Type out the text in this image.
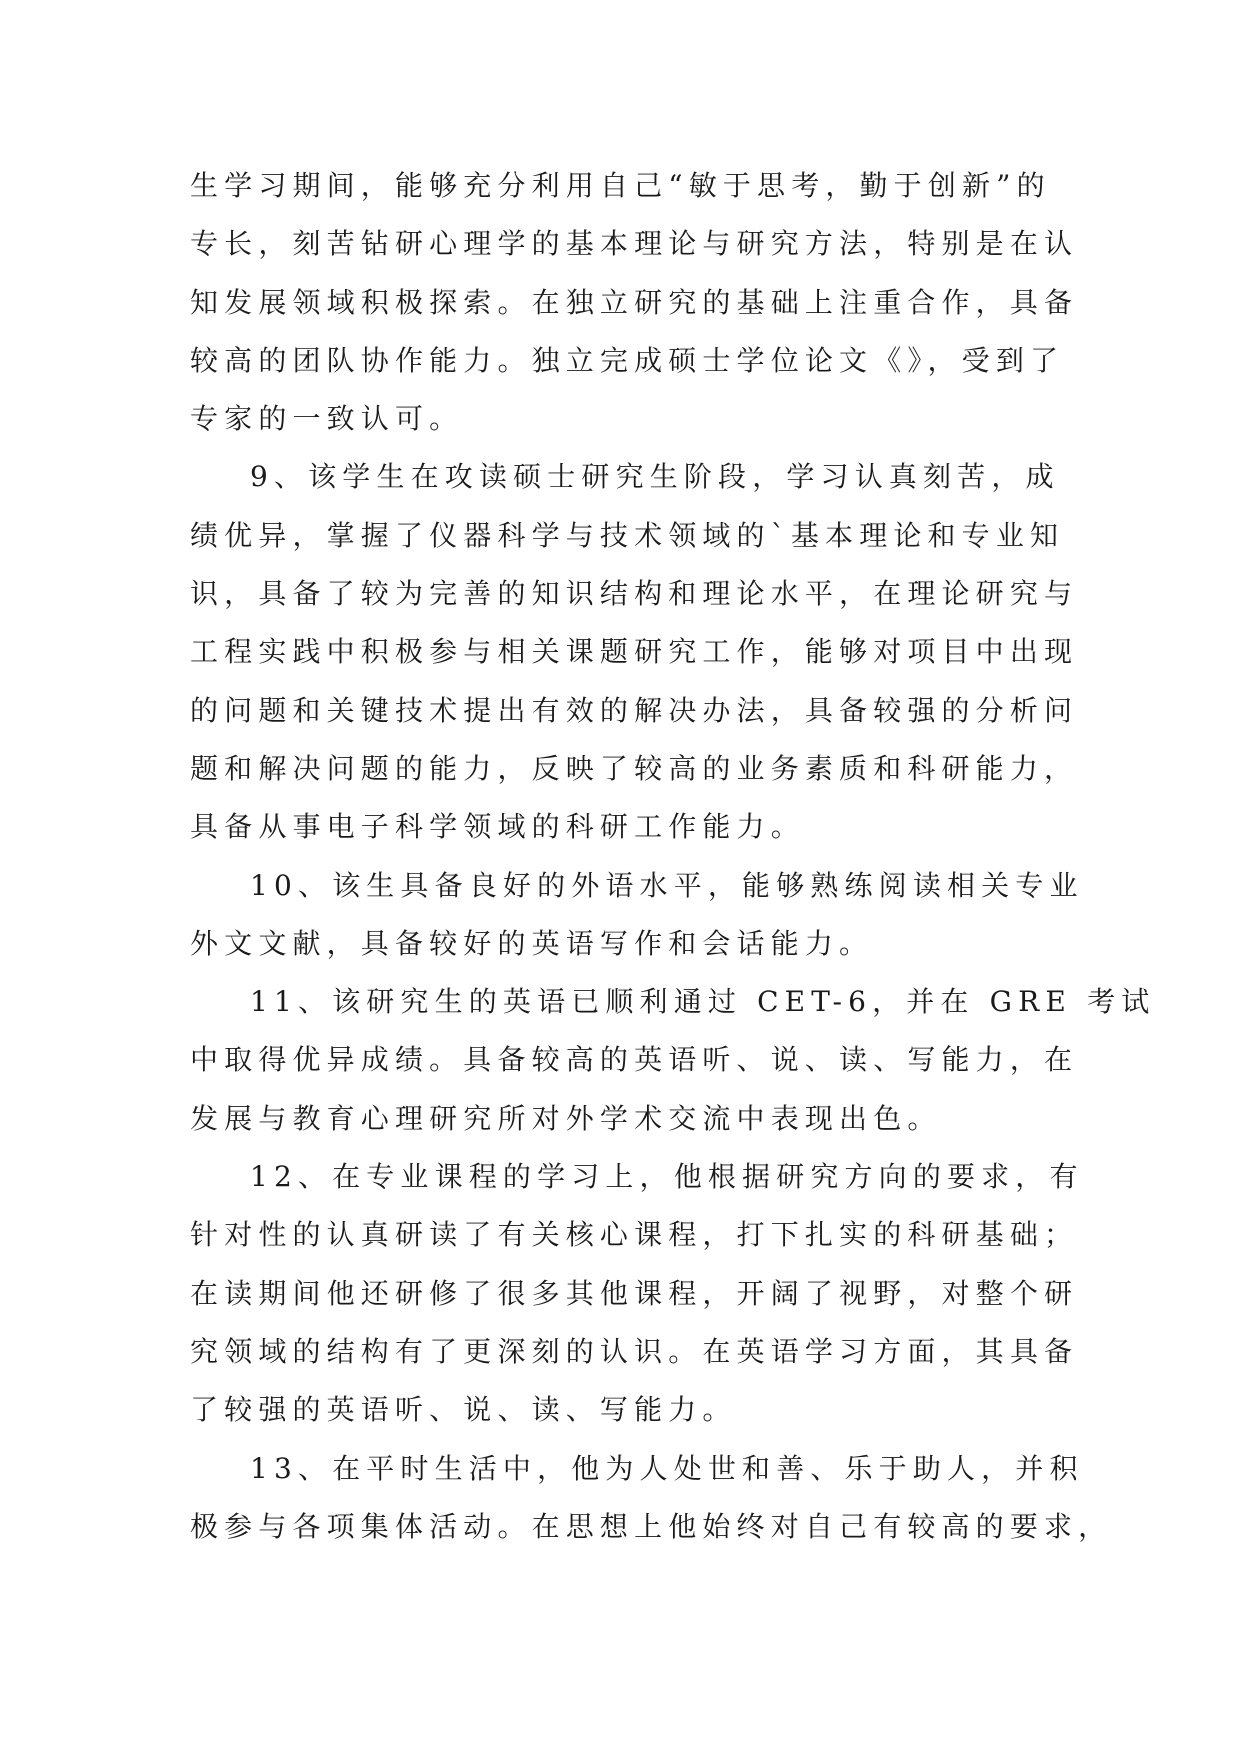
生学习期间，能够充分利用自己“敏于思考，勤于创新”的
专长，刻苦钻研心理学的基本理论与研究方法，特别是在认
知发展领域积极探索。在独立研究的基础上注重合作，具备
较高的团队协作能力。独立完成硕士学位论文《》，受到了
专家的一致认可。
9、该学生在攻读硕士研究生阶段，学习认真刻苦，成
绩优异，掌握了仪器科学与技术领域的`基本理论和专业知
识，具备了较为完善的知识结构和理论水平，在理论研究与
工程实践中积极参与相关课题研究工作，能够对项目中出现
的问题和关键技术提出有效的解决办法，具备较强的分析问
题和解决问题的能力，反映了较高的业务素质和科研能力，
具备从事电子科学领域的科研工作能力。
10、该生具备良好的外语水平，能够熟练阅读相关专业
外文文献，具备较好的英语写作和会话能力。
11、该研究生的英语已顺利通过 CET-6，并在 GRE 考试
中取得优异成绩。具备较高的英语听、说、读、写能力，在
发展与教育心理研究所对外学术交流中表现出色。
12、在专业课程的学习上，他根据研究方向的要求，有
针对性的认真研读了有关核心课程，打下扎实的科研基础；
在读期间他还研修了很多其他课程，开阔了视野，对整个研
究领域的结构有了更深刻的认识。在英语学习方面，其具备
了较强的英语听、说、读、写能力。
13、在平时生活中，他为人处世和善、乐于助人，并积
极参与各项集体活动。在思想上他始终对自己有较高的要求，
